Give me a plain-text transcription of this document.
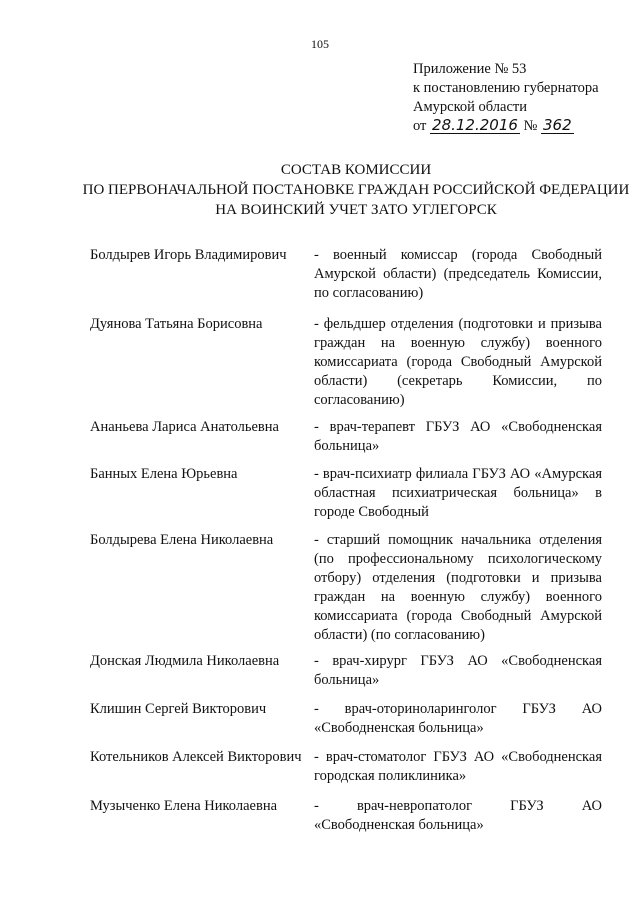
105
Приложение № 53
к постановлению губернатора
Амурской области
от 28.12.2016 № 362
СОСТАВ КОМИССИИ
ПО ПЕРВОНАЧАЛЬНОЙ ПОСТАНОВКЕ ГРАЖДАН РОССИЙСКОЙ ФЕДЕРАЦИИ
НА ВОИНСКИЙ УЧЕТ ЗАТО УГЛЕГОРСК
Болдырев Игорь Владимирович	- военный комиссар (города Свободный Амурской области) (председатель Комиссии, по согласованию)
Дуянова Татьяна Борисовна	- фельдшер отделения (подготовки и призыва граждан на военную службу) военного комиссариата (города Свободный Амурской области) (секретарь Комиссии, по согласованию)
Ананьева Лариса Анатольевна	- врач-терапевт ГБУЗ АО «Свободненская больница»
Банных Елена Юрьевна	- врач-психиатр филиала ГБУЗ АО «Амурская областная психиатрическая больница» в городе Свободный
Болдырева Елена Николаевна	- старший помощник начальника отделения (по профессиональному психологическому отбору) отделения (подготовки и призыва граждан на военную службу) военного комиссариата (города Свободный Амурской области) (по согласованию)
Донская Людмила Николаевна	- врач-хирург ГБУЗ АО «Свободненская больница»
Клишин Сергей Викторович	- врач-оториноларинголог ГБУЗ АО «Свободненская больница»
Котельников Алексей Викторович - врач-стоматолог ГБУЗ АО «Свободненская городская поликлиника»
Музыченко Елена Николаевна	- врач-невропатолог ГБУЗ АО «Свободненская больница»
